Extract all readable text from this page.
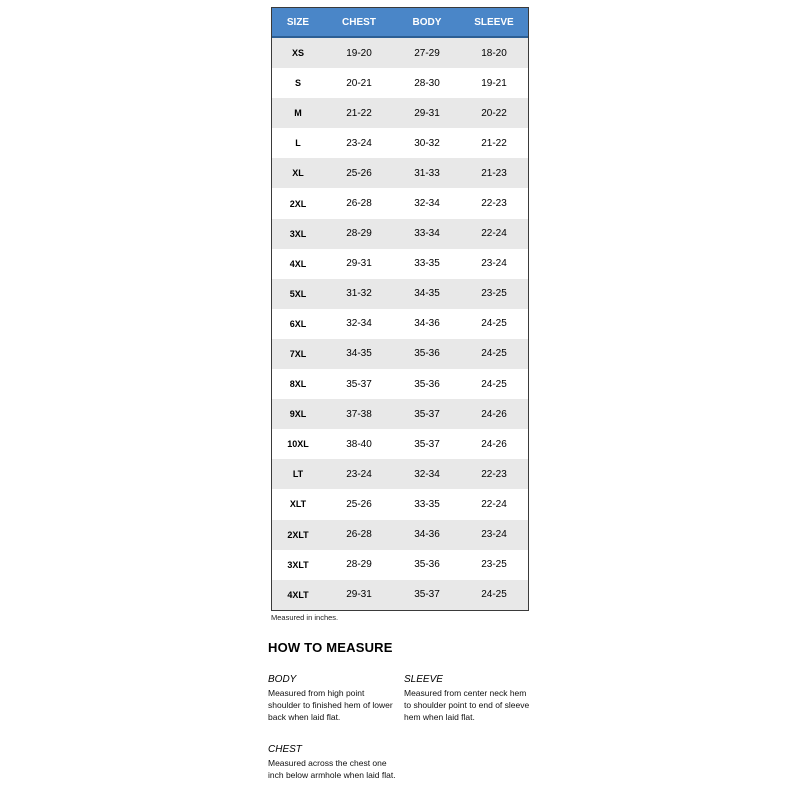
SIZE	CHEST	BODY	SLEEVE
XS	19-20	27-29	18-20
S	20-21	28-30	19-21
M	21-22	29-31	20-22
L	23-24	30-32	21-22
XL	25-26	31-33	21-23
2XL	26-28	32-34	22-23
3XL	28-29	33-34	22-24
4XL	29-31	33-35	23-24
5XL	31-32	34-35	23-25
6XL	32-34	34-36	24-25
7XL	34-35	35-36	24-25
8XL	35-37	35-36	24-25
9XL	37-38	35-37	24-26
10XL	38-40	35-37	24-26
LT	23-24	32-34	22-23
XLT	25-26	33-35	22-24
2XLT	26-28	34-36	23-24
3XLT	28-29	35-36	23-25
4XLT	29-31	35-37	24-25
Measured in inches.
HOW TO MEASURE
BODY
Measured from high point shoulder to finished hem of lower back when laid flat.
SLEEVE
Measured from center neck hem to shoulder point to end of sleeve hem when laid flat.
CHEST
Measured across the chest one inch below armhole when laid flat.
